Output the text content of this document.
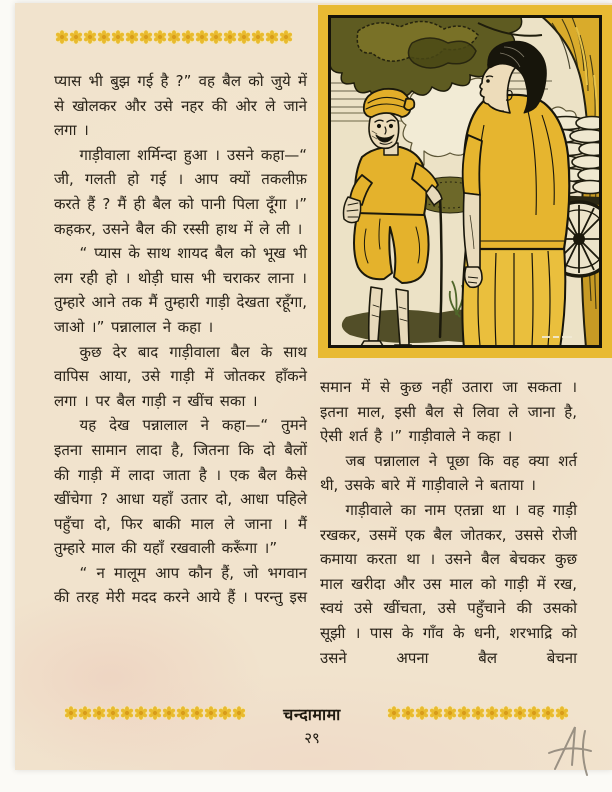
प्यास भी बुझ गई है ?” वह बैल को जुये में से खोलकर और उसे नहर की ओर ले जाने लगा ।

गाड़ीवाला शर्मिन्दा हुआ । उसने कहा—“ जी, गलती हो गई । आप क्यों तकलीफ़ करते हैं ? मैं ही बैल को पानी पिला दूँगा ।” कहकर, उसने बैल की रस्सी हाथ में ले ली ।

“ प्यास के साथ शायद बैल को भूख भी लग रही हो । थोड़ी घास भी चराकर लाना । तुम्हारे आने तक मैं तुम्हारी गाड़ी देखता रहूँगा, जाओ ।” पन्नालाल ने कहा ।

कुछ देर बाद गाड़ीवाला बैल के साथ वापिस आया, उसे गाड़ी में जोतकर हाँकने लगा । पर बैल गाड़ी न खींच सका ।

यह देख पन्नालाल ने कहा—“ तुमने इतना सामान लादा है, जितना कि दो बैलों की गाड़ी में लादा जाता है । एक बैल कैसे खींचेगा ? आधा यहाँ उतार दो, आधा पहिले पहुँचा दो, फिर बाकी माल ले जाना । मैं तुम्हारे माल की यहाँ रखवाली करूँगा ।”

“ न मालूम आप कौन हैं, जो भगवान की तरह मेरी मदद करने आये हैं । परन्तु इस

समान में से कुछ नहीं उतारा जा सकता । इतना माल, इसी बैल से लिवा ले जाना है, ऐसी शर्त है ।” गाड़ीवाले ने कहा ।

जब पन्नालाल ने पूछा कि वह क्या शर्त थी, उसके बारे में गाड़ीवाले ने बताया ।

गाड़ीवाले का नाम एतन्ना था । वह गाड़ी रखकर, उसमें एक बैल जोतकर, उससे रोजी कमाया करता था । उसने बैल बेचकर कुछ माल खरीदा और उस माल को गाड़ी में रख, स्वयं उसे खींचता, उसे पहुँचाने की उसको सूझी । पास के गाँव के धनी, शरभाद्रि को उसने अपना बैल बेचना

चन्दामामा
२९
